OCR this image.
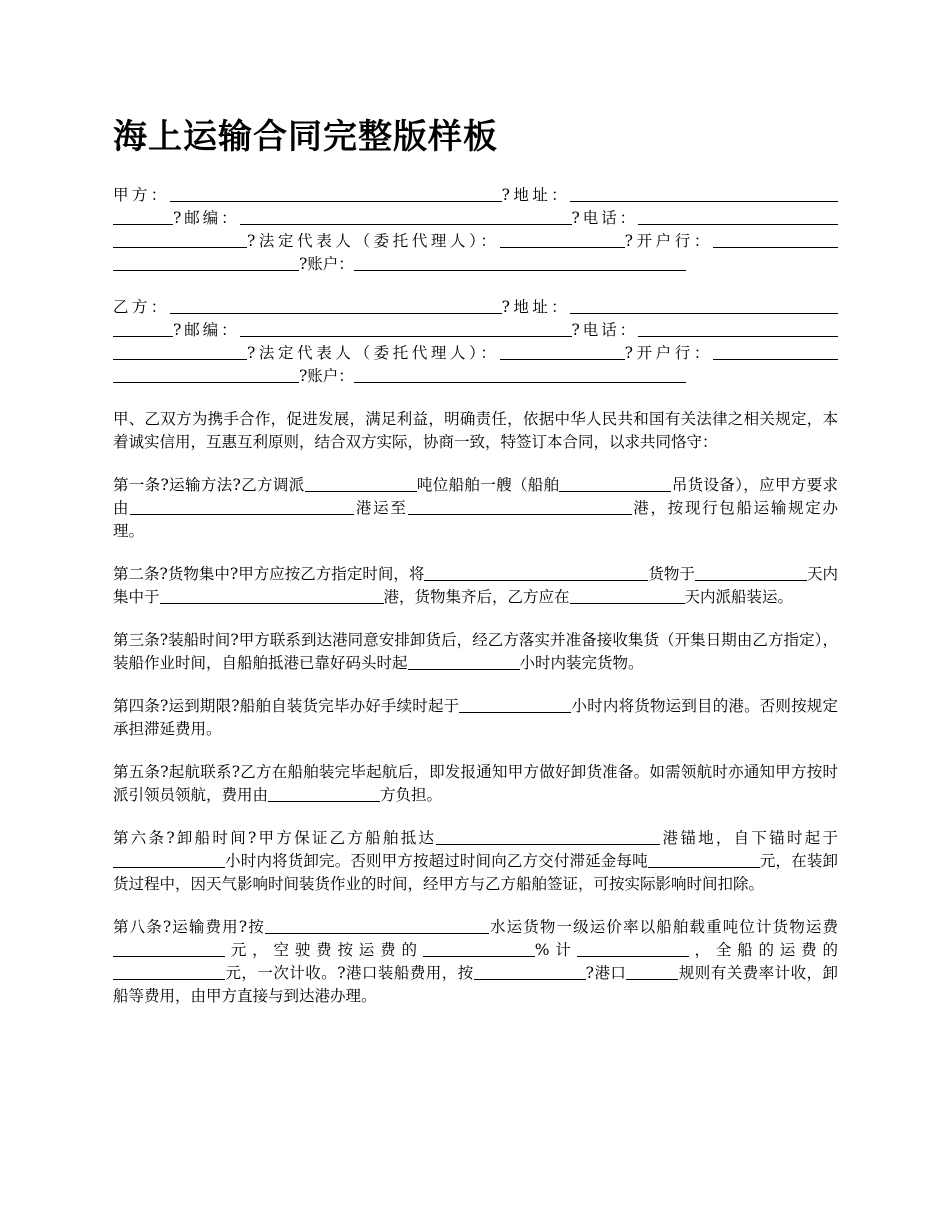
海上运输合同完整版样板

甲方：	?地址：?邮编：	?电话：?法定代表人（委托代理人）：	?开户行：?账户：

乙方：	?地址：?邮编：	?电话：?法定代表人（委托代理人）：	?开户行：?账户：

甲、乙双方为携手合作，促进发展，满足利益，明确责任，依据中华人民共和国有关法律之相关规定，本着诚实信用，互惠互利原则，结合双方实际，协商一致，特签订本合同，以求共同恪守：

第一条?运输方法?乙方调派	吨位船舶一艘（船舶	吊货设备），应甲方要求由	港运至	港，按现行包船运输规定办理。

第二条?货物集中?甲方应按乙方指定时间，将	货物于	天内集中于	港，货物集齐后，乙方应在	天内派船装运。

第三条?装船时间?甲方联系到达港同意安排卸货后，经乙方落实并准备接收集货（开集日期由乙方指定），装船作业时间，自船舶抵港已靠好码头时起	小时内装完货物。

第四条?运到期限?船舶自装货完毕办好手续时起于	小时内将货物运到目的港。否则按规定承担滞延费用。

第五条?起航联系?乙方在船舶装完毕起航后，即发报通知甲方做好卸货准备。如需领航时亦通知甲方按时派引领员领航，费用由	方负担。

第六条?卸船时间?甲方保证乙方船舶抵达	港锚地，自下锚时起于小时内将货卸完。否则甲方按超过时间向乙方交付滞延金每吨	元，在装卸货过程中，因天气影响时间装货作业的时间，经甲方与乙方船舶签证，可按实际影响时间扣除。

第八条?运输费用?按	水运货物一级运价率以船舶载重吨位计货物运费元，空驶费按运费的	%计	，全船的运费的元，一次计收。?港口装船费用，按	?港口	规则有关费率计收，卸船等费用，由甲方直接与到达港办理。
